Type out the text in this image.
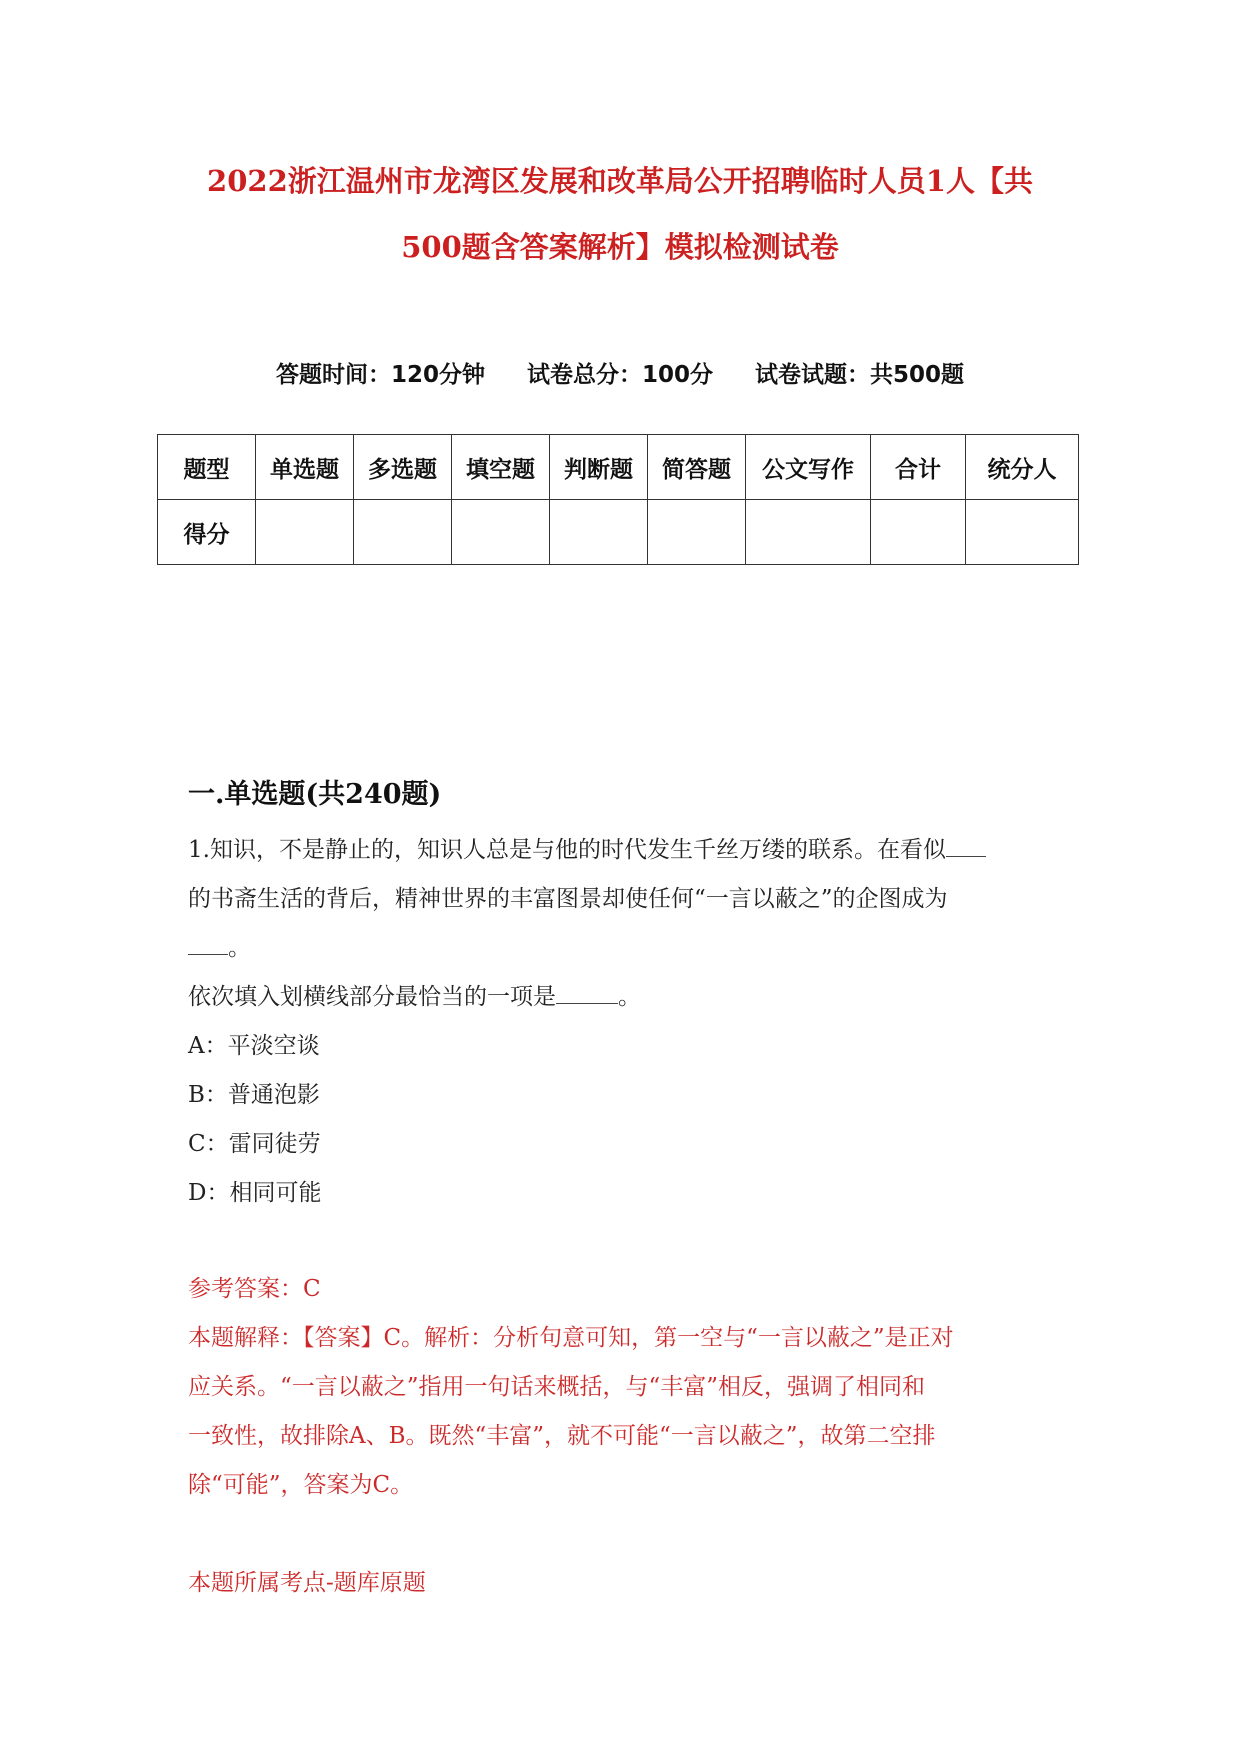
2022浙江温州市龙湾区发展和改革局公开招聘临时人员1人【共
500题含答案解析】模拟检测试卷
答题时间：120分钟 试卷总分：100分 试卷试题：共500题
题型	单选题	多选题	填空题	判断题	简答题	公文写作	合计	统分人
得分								
一.单选题(共240题)
1.知识，不是静止的，知识人总是与他的时代发生千丝万缕的联系。在看似
的书斋生活的背后，精神世界的丰富图景却使任何“一言以蔽之”的企图成为
。
依次填入划横线部分最恰当的一项是	。
A：平淡空谈
B：普通泡影
C：雷同徒劳
D：相同可能
参考答案：C
本题解释：【答案】C。解析：分析句意可知，第一空与“一言以蔽之”是正对
应关系。“一言以蔽之”指用一句话来概括，与“丰富”相反，强调了相同和
一致性，故排除A、B。既然“丰富”，就不可能“一言以蔽之”，故第二空排
除“可能”，答案为C。
本题所属考点-题库原题
